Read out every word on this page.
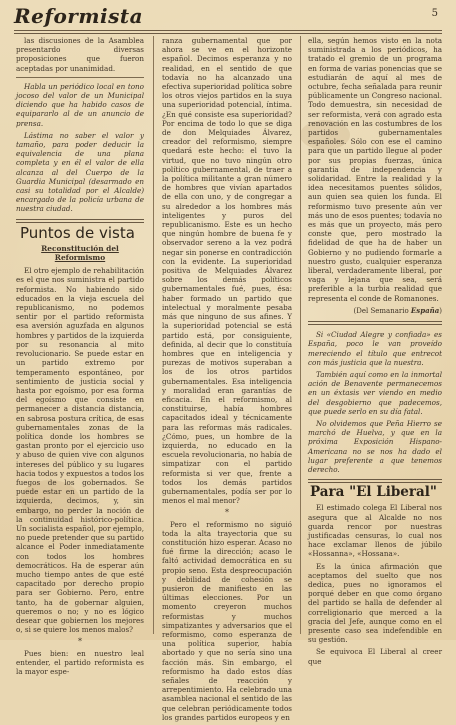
Reformista	5

las discusiones de la Asamblea presentardo diversas proposiciones que fueron aceptadas por unanimidad.

Habla un periódico local en tono jocoso del valor de un Municipal diciendo que ha habido casos de equipararlo al de un anuncio de prensa.

Lástima no saber el valor y tamaño, para poder deducir la equivalencia de una plana completa y en él el valor de ella alcanza al del Cuerpo de la Guardia Municipal (desarmado en casi su totalidad por el Alcalde) encargado de la policía urbana de nuestra ciudad.

Puntos de vista
Reconstitución del Reformismo

El otro ejemplo de rehabilitación es el que nos suministra el partido reformista. No habiendo sido educados en la vieja escuela del republicanismo, no podemos sentir por el partido reformista esa aversión aguzfada en algunos hombres y partidos de la izquierda por su resonancia al mito revolucionario. Se puede estar en un partido extremo por temperamento espontáneo, por sentimiento de justicia social y hasta por egoísmo, por esa forma del egoísmo que consiste en permanecer a distancia distancia, en sabrosa postura crítica, de esas gubernamentales zonas de la política donde los hombres se gastan pronto por el ejercicio uso y abuso de quien vive con algunos intereses del público y su lugares hacia todos y expuestos a todos los fuegos de los gobernados. Se puede estar en un partido de la izquierda, decimos, y, sin embargo, no perder la noción de la continuidad histórico-política. Un socialista español, por ejemplo, no puede pretender que su partido alcance el Poder inmediatamente con todos los hombres democráticos. Ha de esperar aún mucho tiempo antes de que esté capacitado por derecho propio para ser Gobierno. Pero, entre tanto, ha de gobernar alguien, queremos o no; y no es lógico desear que gobiernen los mejores o, si se quiere los menos malos?

*

Pues bien: en nuestro leal entender, el partido reformista es la mayor espe-

ranza gubernamental que por ahora se ve en el horizonte español. Decimos esperanza y no realidad, en el sentido de que todavía no ha alcanzado una efectiva superioridad política sobre los otros viejos partidos en la suya una superioridad potencial, íntima. ¿En qué consiste esa superioridad? Por encima de todo lo que se diga de don Melquiades Álvarez, creador del reformismo, siempre quedará este hecho: el tuvo la virtud, que no tuvo ningún otro político gubernamental, de traer a la política militante a gran número de hombres que vivían apartados de ella con uno, y de congregar a su alrededor a los hombres más inteligentes y puros del republicanismo. Este es un hecho que ningún hombre de buena fe y observador sereno a la vez podrá negar sin ponerse en contradicción con la evidente. La superioridad positiva de Melquiades Álvarez sobre los demás políticos gubernamentales fué, pues, ésa: haber formado un partido que intelectual y moralmente pesaba más que ninguno de sus afines. Y la superioridad potencial se está partido está, por consiguiente, definida, al decir que lo constituía hombres que en inteligencia y purezas de motivos superaban a los de los otros partidos gubernamentales. Esa inteligencia y moralidad eran garantías de eficacia. En el reformismo, al constituirse, había hombres capacitados ideal y técnicamente para las reformas más radicales. ¿Cómo, pues, un hombre de la izquierda, no educado en la escuela revolucionaria, no había de simpatizar con el partido reformista si ver que, frente a todos los demás partidos gubernamentales, podía ser por lo menos el mal menor?

*

Pero el reformismo no siguió toda la alta trayectoria que su constitución hizo esperar. Acaso no fué firme la dirección; acaso le faltó actividad democrática en su propio seno. Esta despreocupación y debilidad de cohesión se pusieron de manifiesto en las últimas elecciones. Por un momento creyeron muchos reformistas y muchos simpatizantes y adversarios que el reformismo, como esperanza de una política superior, había abortado y que no sería sino una facción más. Sin embargo, el reformismo ha dado estos días señales de reacción y arrepentimiento. Ha celebrado una asamblea nacional el sentido de las que celebran periódicamente todos los grandes partidos europeos y en

ella, según hemos visto en la nota suministrada a los periódicos, ha tratado el gremio de un programa en forma de varias ponencias que se estudiarán de aquí al mes de octubre, fecha señalada para reunir públicamente un Congreso nacional. Todo demuestra, sin necesidad de ser reformista, verá con agrado esta renovación en las costumbres de los partidos gubernamentales españoles. Sólo con ese el camino para que un partido llegue al poder por sus propias fuerzas, única garantía de independencia y solidaridad. Entre la realidad y la idea necesitamos puentes sólidos, aun quien sea quien los funda. El reformismo tuvo presente aún ver más uno de esos puentes; todavía no es más que un proyecto, más pero conste que, pero mostrado la fidelidad de que ha de haber un Gobierno y no pudiendo formarle a nuestro gusto, cualquier esperanza liberal, verdaderamente liberal, por vaga y lejana que sea, será preferible a la turbia realidad que representa el conde de Romanones.

(Del Semanario España)

Si «Ciudad Alegre y confiada» es España, poco le van proveído mereciendo el título que entrecot con más justicia que la nuestra.

También aquí como en la inmortal ación de Benavente permanecemos en un éxtasis ver viendo en medio del desgobierno que padecemos, que puede serlo en su día fatal.

No olvidemos que Peña Hierro se marchó de Huelva, y que en la próxima Exposición Hispano-Americana no se nos ha dado el lugar preferente a que tenemos derecho.

Para "El Liberal"

El estimado colega El Liberal nos asegura que al Alcalde no nos guarda rencor por nuestras justificadas censuras, lo cual nos hace exclamar llenos de júbilo «Hossanna», «Hossana».

Es la única afirmación que aceptamos del suelto que nos dedica, pues no ignoramos el porqué deber en que como órgano del partido se halla de defender al correligionario que merced a la gracia del Jefe, aunque como en el presente caso sea indefendible en su gestión.

Se equivoca El Liberal al creer que
